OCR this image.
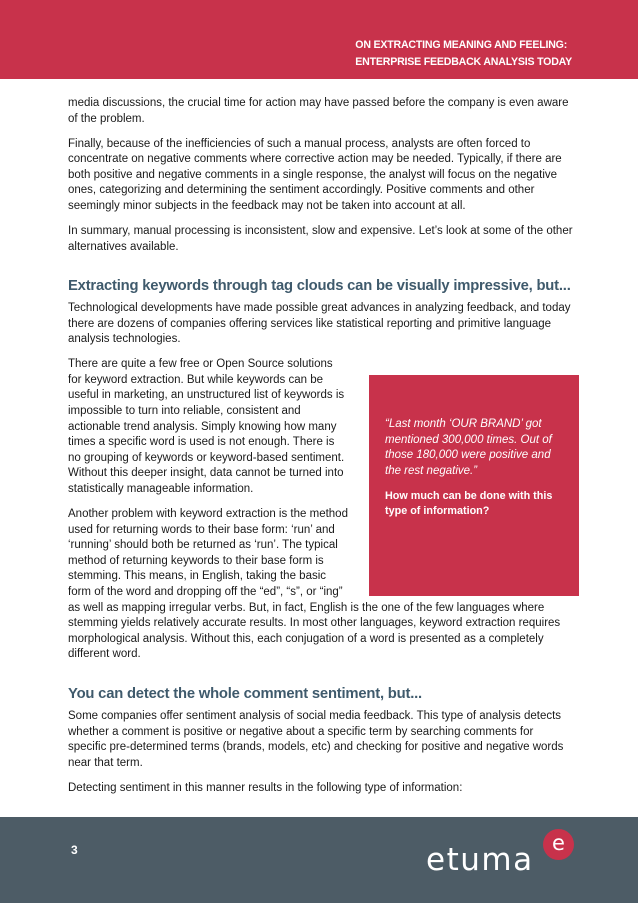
ON EXTRACTING MEANING AND FEELING:
ENTERPRISE FEEDBACK ANALYSIS TODAY

media discussions, the crucial time for action may have passed before the company is even aware of the problem.

Finally, because of the inefficiencies of such a manual process, analysts are often forced to concentrate on negative comments where corrective action may be needed. Typically, if there are both positive and negative comments in a single response, the analyst will focus on the negative ones, categorizing and determining the sentiment accordingly. Positive comments and other seemingly minor subjects in the feedback may not be taken into account at all.

In summary, manual processing is inconsistent, slow and expensive. Let’s look at some of the other alternatives available.

Extracting keywords through tag clouds can be visually impressive, but...

Technological developments have made possible great advances in analyzing feedback, and today there are dozens of companies offering services like statistical reporting and primitive language analysis technologies.

“Last month ‘OUR BRAND’ got mentioned 300,000 times. Out of those 180,000 were positive and the rest negative.”

How much can be done with this type of information?

There are quite a few free or Open Source solutions for keyword extraction. But while keywords can be useful in marketing, an unstructured list of keywords is impossible to turn into reliable, consistent and actionable trend analysis. Simply knowing how many times a specific word is used is not enough. There is no grouping of keywords or keyword-based sentiment. Without this deeper insight, data cannot be turned into statistically manageable information.

Another problem with keyword extraction is the method used for returning words to their base form: ‘run’ and ‘running’ should both be returned as ‘run’. The typical method of returning keywords to their base form is stemming. This means, in English, taking the basic form of the word and dropping off the “ed”, “s”, or “ing” as well as mapping irregular verbs. But, in fact, English is the one of the few languages where stemming yields relatively accurate results. In most other languages, keyword extraction requires morphological analysis. Without this, each conjugation of a word is presented as a completely different word.

You can detect the whole comment sentiment, but...

Some companies offer sentiment analysis of social media feedback. This type of analysis detects whether a comment is positive or negative about a specific term by searching comments for specific pre-determined terms (brands, models, etc) and checking for positive and negative words near that term.

Detecting sentiment in this manner results in the following type of information:

3	etuma e
